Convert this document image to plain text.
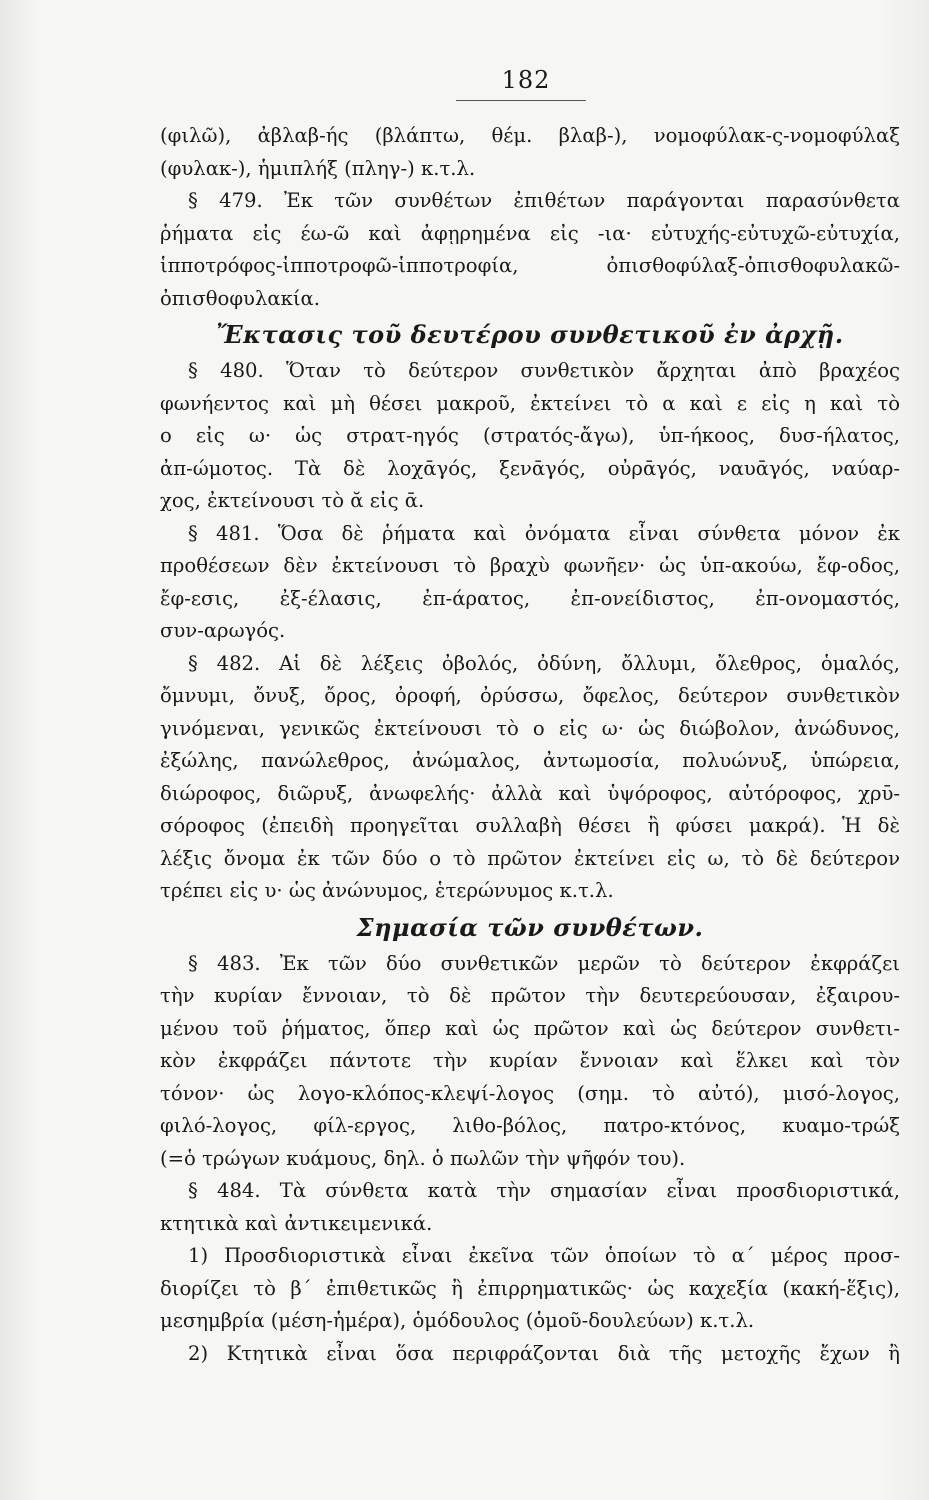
182
(φιλῶ), ἀβλαβ-ής (βλάπτω, θέμ. βλαβ-), νομοφύλακ-ς-νομοφύλαξ
(φυλακ-), ἡμιπλήξ (πληγ-) κ.τ.λ.
§ 479. Ἐκ τῶν συνθέτων ἐπιθέτων παράγονται παρασύνθετα
ῥήματα εἰς έω-ῶ καὶ ἀφῃρημένα εἰς -ια· εὐτυχής-εὐτυχῶ-εὐτυχία,
ἱπποτρόφος-ἱπποτροφῶ-ἱπποτροφία, ὀπισθοφύλαξ-ὀπισθοφυλακῶ-
ὀπισθοφυλακία.
Ἔκτασις τοῦ δευτέρου συνθετικοῦ ἐν ἀρχῇ.
§ 480. Ὅταν τὸ δεύτερον συνθετικὸν ἄρχηται ἀπὸ βραχέος
φωνήεντος καὶ μὴ θέσει μακροῦ, ἐκτείνει τὸ α καὶ ε εἰς η καὶ τὸ
ο εἰς ω· ὡς στρατ-ηγός (στρατός-ἄγω), ὑπ-ήκοος, δυσ-ήλατος,
ἀπ-ώμοτος. Τὰ δὲ λοχᾱγός, ξενᾱγός, οὐρᾱγός, ναυᾱγός, ναύαρ-
χος, ἐκτείνουσι τὸ ᾰ εἰς ᾱ.
§ 481. Ὅσα δὲ ῥήματα καὶ ὀνόματα εἶναι σύνθετα μόνον ἐκ
προθέσεων δὲν ἐκτείνουσι τὸ βραχὺ φωνῆεν· ὡς ὑπ-ακούω, ἔφ-οδος,
ἔφ-εσις, ἐξ-έλασις, ἐπ-άρατος, ἐπ-ονείδιστος, ἐπ-ονομαστός,
συν-αρωγός.
§ 482. Αἱ δὲ λέξεις ὀβολός, ὀδύνη, ὄλλυμι, ὄλεθρος, ὁμαλός,
ὄμνυμι, ὄνυξ, ὄρος, ὀροφή, ὀρύσσω, ὄφελος, δεύτερον συνθετικὸν
γινόμεναι, γενικῶς ἐκτείνουσι τὸ ο εἰς ω· ὡς διώβολον, ἀνώδυνος,
ἐξώλης, πανώλεθρος, ἀνώμαλος, ἀντωμοσία, πολυώνυξ, ὑπώρεια,
διώροφος, διῶρυξ, ἀνωφελής· ἀλλὰ καὶ ὑψόροφος, αὐτόροφος, χρῡ-
σόροφος (ἐπειδὴ προηγεῖται συλλαβὴ θέσει ἢ φύσει μακρά). Ἡ δὲ
λέξις ὄνομα ἐκ τῶν δύο ο τὸ πρῶτον ἐκτείνει εἰς ω, τὸ δὲ δεύτερον
τρέπει εἰς υ· ὡς ἀνώνυμος, ἑτερώνυμος κ.τ.λ.
Σημασία τῶν συνθέτων.
§ 483. Ἐκ τῶν δύο συνθετικῶν μερῶν τὸ δεύτερον ἐκφράζει
τὴν κυρίαν ἔννοιαν, τὸ δὲ πρῶτον τὴν δευτερεύουσαν, ἐξαιρου-
μένου τοῦ ῥήματος, ὅπερ καὶ ὡς πρῶτον καὶ ὡς δεύτερον συνθετι-
κὸν ἐκφράζει πάντοτε τὴν κυρίαν ἔννοιαν καὶ ἕλκει καὶ τὸν
τόνον· ὡς λογο-κλόπος-κλεψί-λογος (σημ. τὸ αὐτό), μισό-λογος,
φιλό-λογος, φίλ-εργος, λιθο-βόλος, πατρο-κτόνος, κυαμο-τρώξ
(=ὁ τρώγων κυάμους, δηλ. ὁ πωλῶν τὴν ψῆφόν του).
§ 484. Τὰ σύνθετα κατὰ τὴν σημασίαν εἶναι προσδιοριστικά,
κτητικὰ καὶ ἀντικειμενικά.
1) Προσδιοριστικὰ εἶναι ἐκεῖνα τῶν ὁποίων τὸ α΄ μέρος προσ-
διορίζει τὸ β΄ ἐπιθετικῶς ἢ ἐπιρρηματικῶς· ὡς καχεξία (κακή-ἕξις),
μεσημβρία (μέση-ἡμέρα), ὁμόδουλος (ὁμοῦ-δουλεύων) κ.τ.λ.
2) Κτητικὰ εἶναι ὅσα περιφράζονται διὰ τῆς μετοχῆς ἔχων ἢ
